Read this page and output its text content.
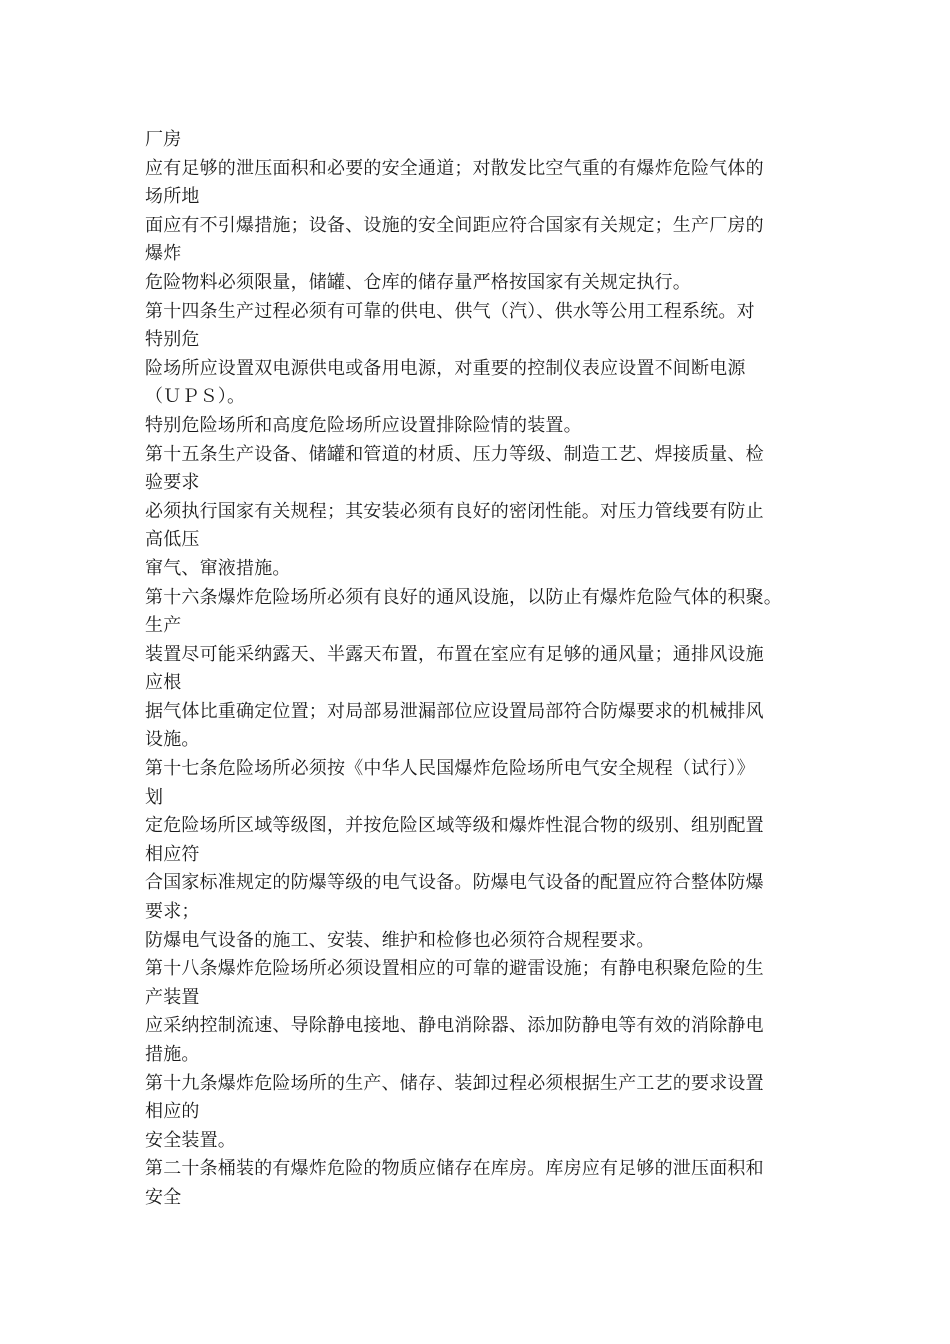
厂房
应有足够的泄压面积和必要的安全通道；对散发比空气重的有爆炸危险气体的
场所地
面应有不引爆措施；设备、设施的安全间距应符合国家有关规定；生产厂房的
爆炸
危险物料必须限量，储罐、仓库的储存量严格按国家有关规定执行。
第十四条生产过程必须有可靠的供电、供气（汽）、供水等公用工程系统。对
特别危
险场所应设置双电源供电或备用电源，对重要的控制仪表应设置不间断电源
（ＵＰＳ）。
特别危险场所和高度危险场所应设置排除险情的装置。
第十五条生产设备、储罐和管道的材质、压力等级、制造工艺、焊接质量、检
验要求
必须执行国家有关规程；其安装必须有良好的密闭性能。对压力管线要有防止
高低压
窜气、窜液措施。
第十六条爆炸危险场所必须有良好的通风设施，以防止有爆炸危险气体的积聚。
生产
装置尽可能采纳露天、半露天布置，布置在室应有足够的通风量；通排风设施
应根
据气体比重确定位置；对局部易泄漏部位应设置局部符合防爆要求的机械排风
设施。
第十七条危险场所必须按《中华人民国爆炸危险场所电气安全规程（试行）》
划
定危险场所区域等级图，并按危险区域等级和爆炸性混合物的级别、组别配置
相应符
合国家标准规定的防爆等级的电气设备。防爆电气设备的配置应符合整体防爆
要求；
防爆电气设备的施工、安装、维护和检修也必须符合规程要求。
第十八条爆炸危险场所必须设置相应的可靠的避雷设施；有静电积聚危险的生
产装置
应采纳控制流速、导除静电接地、静电消除器、添加防静电等有效的消除静电
措施。
第十九条爆炸危险场所的生产、储存、装卸过程必须根据生产工艺的要求设置
相应的
安全装置。
第二十条桶装的有爆炸危险的物质应储存在库房。库房应有足够的泄压面积和
安全
